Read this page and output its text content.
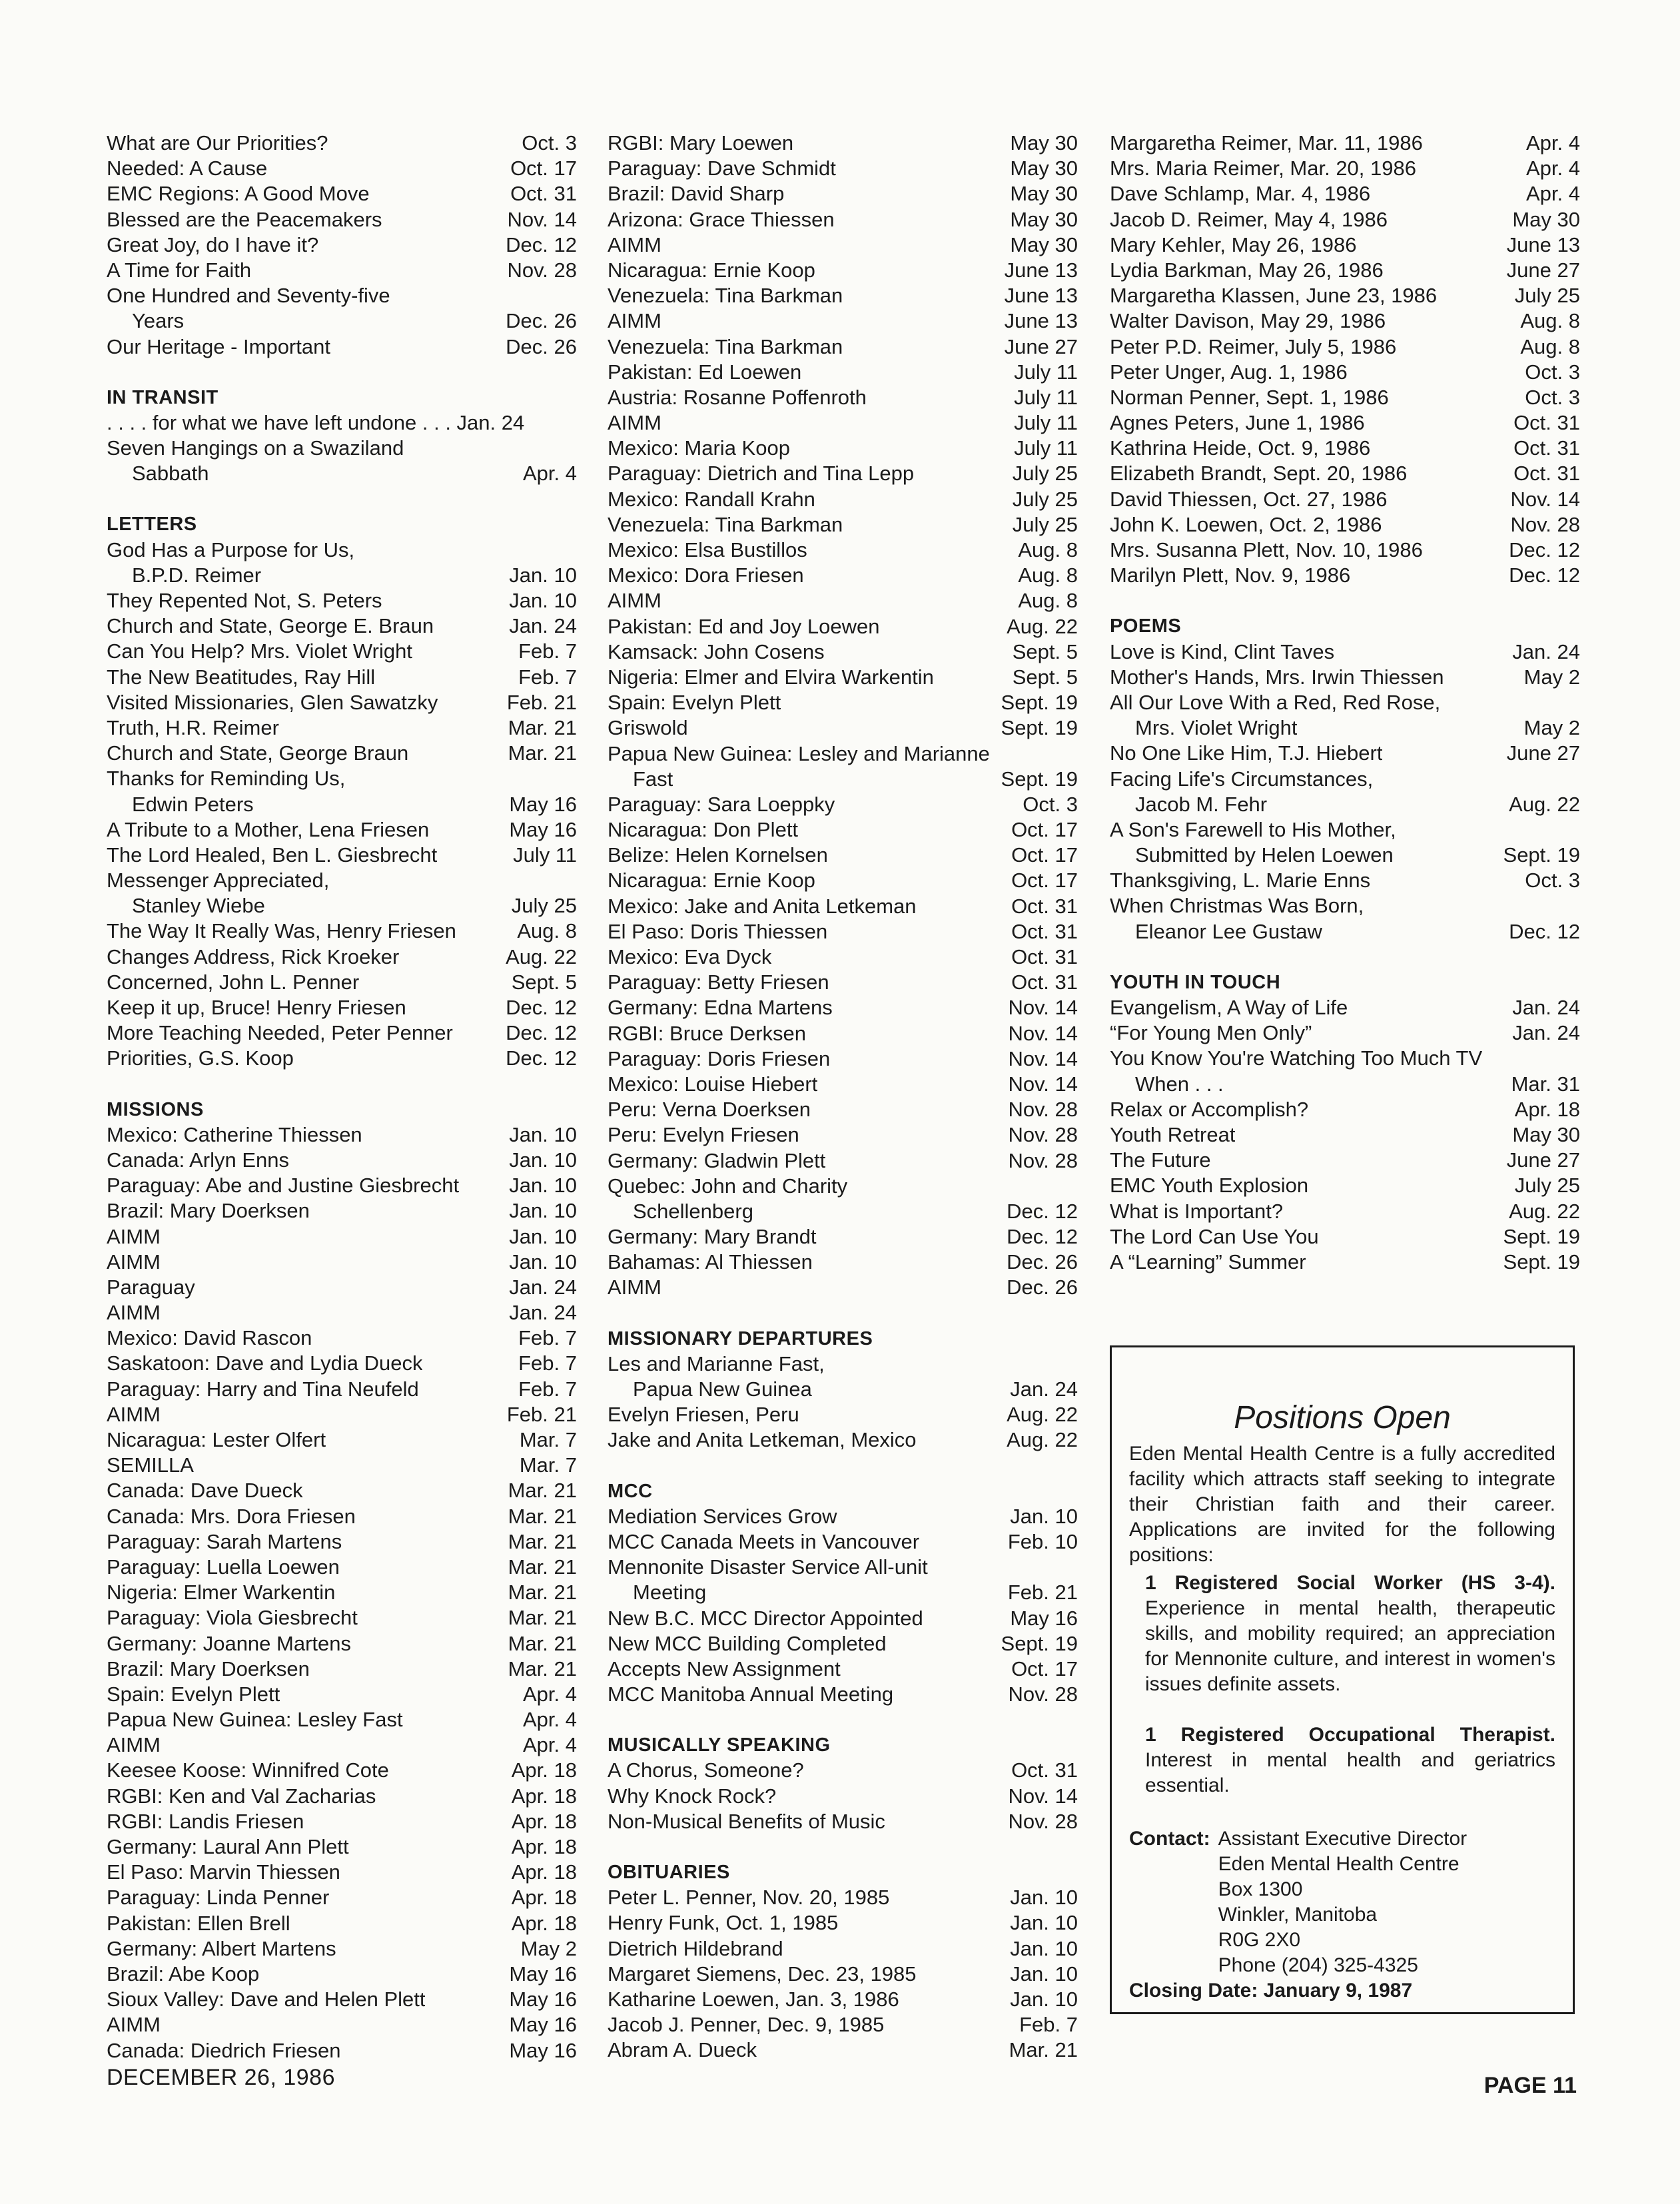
What are Our Priorities?	Oct. 3
Needed: A Cause	Oct. 17
EMC Regions: A Good Move	Oct. 31
Blessed are the Peacemakers	Nov. 14
Great Joy, do I have it?	Dec. 12
A Time for Faith	Nov. 28
One Hundred and Seventy-five
Years	Dec. 26
Our Heritage - Important	Dec. 26
IN TRANSIT
. . . . for what we have left undone . . . Jan. 24
Seven Hangings on a Swaziland
Sabbath	Apr. 4
LETTERS
God Has a Purpose for Us,
B.P.D. Reimer	Jan. 10
They Repented Not, S. Peters	Jan. 10
Church and State, George E. Braun	Jan. 24
Can You Help? Mrs. Violet Wright	Feb. 7
The New Beatitudes, Ray Hill	Feb. 7
Visited Missionaries, Glen Sawatzky	Feb. 21
Truth, H.R. Reimer	Mar. 21
Church and State, George Braun	Mar. 21
Thanks for Reminding Us,
Edwin Peters	May 16
A Tribute to a Mother, Lena Friesen	May 16
The Lord Healed, Ben L. Giesbrecht	July 11
Messenger Appreciated,
Stanley Wiebe	July 25
The Way It Really Was, Henry Friesen	Aug. 8
Changes Address, Rick Kroeker	Aug. 22
Concerned, John L. Penner	Sept. 5
Keep it up, Bruce! Henry Friesen	Dec. 12
More Teaching Needed, Peter Penner	Dec. 12
Priorities, G.S. Koop	Dec. 12
MISSIONS
Mexico: Catherine Thiessen	Jan. 10
Canada: Arlyn Enns	Jan. 10
Paraguay: Abe and Justine Giesbrecht Jan. 10
Brazil: Mary Doerksen	Jan. 10
AIMM	Jan. 10
AIMM	Jan. 10
Paraguay	Jan. 24
AIMM	Jan. 24
Mexico: David Rascon	Feb. 7
Saskatoon: Dave and Lydia Dueck	Feb. 7
Paraguay: Harry and Tina Neufeld	Feb. 7
AIMM	Feb. 21
Nicaragua: Lester Olfert	Mar. 7
SEMILLA	Mar. 7
Canada: Dave Dueck	Mar. 21
Canada: Mrs. Dora Friesen	Mar. 21
Paraguay: Sarah Martens	Mar. 21
Paraguay: Luella Loewen	Mar. 21
Nigeria: Elmer Warkentin	Mar. 21
Paraguay: Viola Giesbrecht	Mar. 21
Germany: Joanne Martens	Mar. 21
Brazil: Mary Doerksen	Mar. 21
Spain: Evelyn Plett	Apr. 4
Papua New Guinea: Lesley Fast	Apr. 4
AIMM	Apr. 4
Keesee Koose: Winnifred Cote	Apr. 18
RGBI: Ken and Val Zacharias	Apr. 18
RGBI: Landis Friesen	Apr. 18
Germany: Laural Ann Plett	Apr. 18
El Paso: Marvin Thiessen	Apr. 18
Paraguay: Linda Penner	Apr. 18
Pakistan: Ellen Brell	Apr. 18
Germany: Albert Martens	May 2
Brazil: Abe Koop	May 16
Sioux Valley: Dave and Helen Plett	May 16
AIMM	May 16
Canada: Diedrich Friesen	May 16
RGBI: Mary Loewen	May 30
Paraguay: Dave Schmidt	May 30
Brazil: David Sharp	May 30
Arizona: Grace Thiessen	May 30
AIMM	May 30
Nicaragua: Ernie Koop	June 13
Venezuela: Tina Barkman	June 13
AIMM	June 13
Venezuela: Tina Barkman	June 27
Pakistan: Ed Loewen	July 11
Austria: Rosanne Poffenroth	July 11
AIMM	July 11
Mexico: Maria Koop	July 11
Paraguay: Dietrich and Tina Lepp	July 25
Mexico: Randall Krahn	July 25
Venezuela: Tina Barkman	July 25
Mexico: Elsa Bustillos	Aug. 8
Mexico: Dora Friesen	Aug. 8
AIMM	Aug. 8
Pakistan: Ed and Joy Loewen	Aug. 22
Kamsack: John Cosens	Sept. 5
Nigeria: Elmer and Elvira Warkentin	Sept. 5
Spain: Evelyn Plett	Sept. 19
Griswold	Sept. 19
Papua New Guinea: Lesley and Marianne
Fast	Sept. 19
Paraguay: Sara Loeppky	Oct. 3
Nicaragua: Don Plett	Oct. 17
Belize: Helen Kornelsen	Oct. 17
Nicaragua: Ernie Koop	Oct. 17
Mexico: Jake and Anita Letkeman	Oct. 31
El Paso: Doris Thiessen	Oct. 31
Mexico: Eva Dyck	Oct. 31
Paraguay: Betty Friesen	Oct. 31
Germany: Edna Martens	Nov. 14
RGBI: Bruce Derksen	Nov. 14
Paraguay: Doris Friesen	Nov. 14
Mexico: Louise Hiebert	Nov. 14
Peru: Verna Doerksen	Nov. 28
Peru: Evelyn Friesen	Nov. 28
Germany: Gladwin Plett	Nov. 28
Quebec: John and Charity
Schellenberg	Dec. 12
Germany: Mary Brandt	Dec. 12
Bahamas: Al Thiessen	Dec. 26
AIMM	Dec. 26
MISSIONARY DEPARTURES
Les and Marianne Fast,
Papua New Guinea	Jan. 24
Evelyn Friesen, Peru	Aug. 22
Jake and Anita Letkeman, Mexico	Aug. 22
MCC
Mediation Services Grow	Jan. 10
MCC Canada Meets in Vancouver	Feb. 10
Mennonite Disaster Service All-unit
Meeting	Feb. 21
New B.C. MCC Director Appointed	May 16
New MCC Building Completed	Sept. 19
Accepts New Assignment	Oct. 17
MCC Manitoba Annual Meeting	Nov. 28
MUSICALLY SPEAKING
A Chorus, Someone?	Oct. 31
Why Knock Rock?	Nov. 14
Non-Musical Benefits of Music	Nov. 28
OBITUARIES
Peter L. Penner, Nov. 20, 1985	Jan. 10
Henry Funk, Oct. 1, 1985	Jan. 10
Dietrich Hildebrand	Jan. 10
Margaret Siemens, Dec. 23, 1985	Jan. 10
Katharine Loewen, Jan. 3, 1986	Jan. 10
Jacob J. Penner, Dec. 9, 1985	Feb. 7
Abram A. Dueck	Mar. 21
Margaretha Reimer, Mar. 11, 1986	Apr. 4
Mrs. Maria Reimer, Mar. 20, 1986	Apr. 4
Dave Schlamp, Mar. 4, 1986	Apr. 4
Jacob D. Reimer, May 4, 1986	May 30
Mary Kehler, May 26, 1986	June 13
Lydia Barkman, May 26, 1986	June 27
Margaretha Klassen, June 23, 1986	July 25
Walter Davison, May 29, 1986	Aug. 8
Peter P.D. Reimer, July 5, 1986	Aug. 8
Peter Unger, Aug. 1, 1986	Oct. 3
Norman Penner, Sept. 1, 1986	Oct. 3
Agnes Peters, June 1, 1986	Oct. 31
Kathrina Heide, Oct. 9, 1986	Oct. 31
Elizabeth Brandt, Sept. 20, 1986	Oct. 31
David Thiessen, Oct. 27, 1986	Nov. 14
John K. Loewen, Oct. 2, 1986	Nov. 28
Mrs. Susanna Plett, Nov. 10, 1986	Dec. 12
Marilyn Plett, Nov. 9, 1986	Dec. 12
POEMS
Love is Kind, Clint Taves	Jan. 24
Mother's Hands, Mrs. Irwin Thiessen	May 2
All Our Love With a Red, Red Rose,
Mrs. Violet Wright	May 2
No One Like Him, T.J. Hiebert	June 27
Facing Life's Circumstances,
Jacob M. Fehr	Aug. 22
A Son's Farewell to His Mother,
Submitted by Helen Loewen	Sept. 19
Thanksgiving, L. Marie Enns	Oct. 3
When Christmas Was Born,
Eleanor Lee Gustaw	Dec. 12
YOUTH IN TOUCH
Evangelism, A Way of Life	Jan. 24
“For Young Men Only”	Jan. 24
You Know You're Watching Too Much TV
When . . .	Mar. 31
Relax or Accomplish?	Apr. 18
Youth Retreat	May 30
The Future	June 27
EMC Youth Explosion	July 25
What is Important?	Aug. 22
The Lord Can Use You	Sept. 19
A “Learning” Summer	Sept. 19
Positions Open

Eden Mental Health Centre is a fully accredited facility which attracts staff seeking to integrate their Christian faith and their career. Applications are invited for the following positions:

1 Registered Social Worker (HS 3-4). Experience in mental health, therapeutic skills, and mobility required; an appreciation for Mennonite culture, and interest in women's issues definite assets.

1 Registered Occupational Therapist. Interest in mental health and geriatrics essential.

Contact: Assistant Executive Director
Eden Mental Health Centre
Box 1300
Winkler, Manitoba
R0G 2X0
Phone (204) 325-4325
Closing Date: January 9, 1987
DECEMBER 26, 1986	PAGE 11
